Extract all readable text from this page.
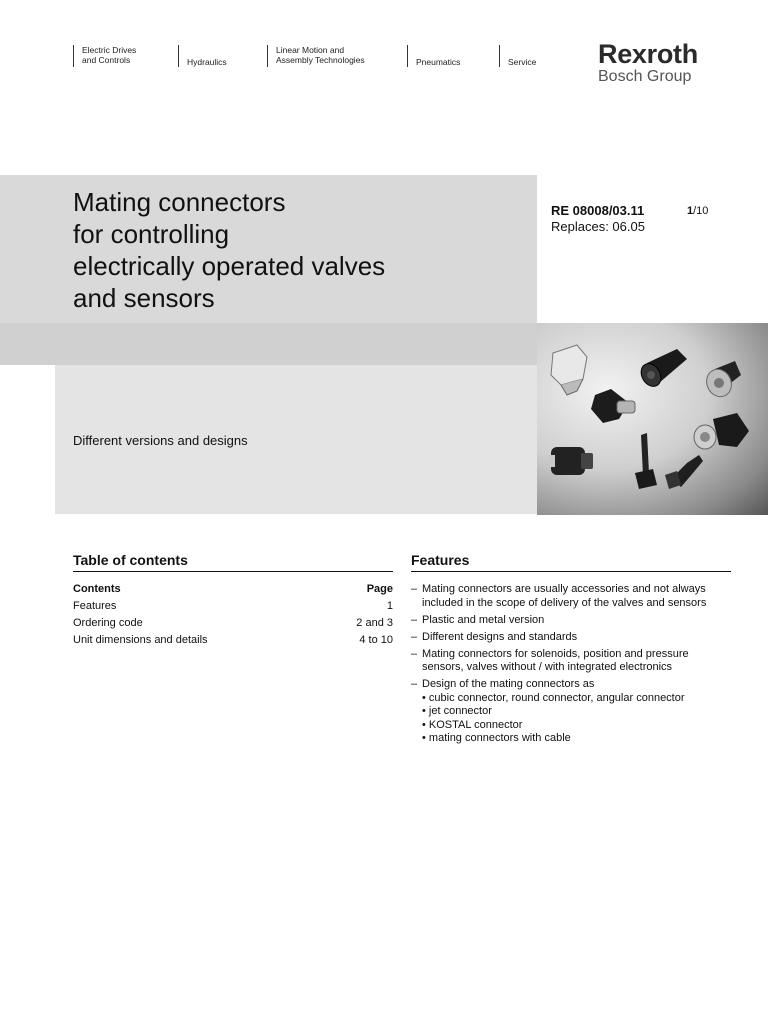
Electric Drives
and Controls	Hydraulics
Linear Motion and
Assembly Technologies	Pneumatics	Service Rexroth
Bosch Group
Mating connectors
for controlling
electrically operated valves
and sensors
Different versions and designs
RE 08008/03.11
Replaces: 06.05
1/10
Table of contents
Contents	Page
Features	1
Ordering code	2 and 3
Unit dimensions and details	4 to 10
Features
– Mating connectors are usually accessories and not always included in the scope of delivery of the valves and sensors
– Plastic and metal version
– Different designs and standards
– Mating connectors for solenoids, position and pressure sensors, valves without / with integrated electronics
– Design of the mating connectors as
• cubic connector, round connector, angular connector
• jet connector
• KOSTAL connector
• mating connectors with cable
